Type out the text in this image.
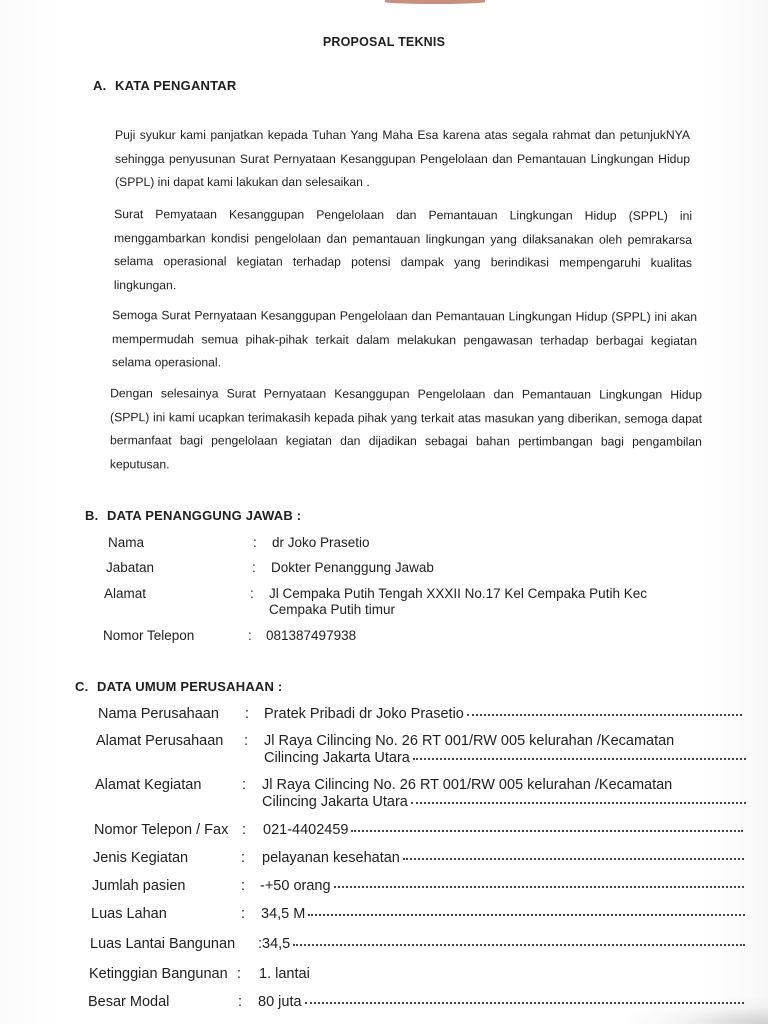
PROPOSAL TEKNIS
A. KATA PENGANTAR

Puji syukur kami panjatkan kepada Tuhan Yang Maha Esa karena atas segala rahmat dan petunjukNYA sehingga penyusunan Surat Pernyataan Kesanggupan Pengelolaan dan Pemantauan Lingkungan Hidup (SPPL) ini dapat kami lakukan dan selesaikan .

Surat Pemyataan Kesanggupan Pengelolaan dan Pemantauan Lingkungan Hidup (SPPL) ini menggambarkan kondisi pengelolaan dan pemantauan lingkungan yang dilaksanakan oleh pemrakarsa selama operasional kegiatan terhadap potensi dampak yang berindikasi mempengaruhi kualitas lingkungan.

Semoga Surat Pernyataan Kesanggupan Pengelolaan dan Pemantauan Lingkungan Hidup (SPPL) ini akan mempermudah semua pihak-pihak terkait dalam melakukan pengawasan terhadap berbagai kegiatan selama operasional.

Dengan selesainya Surat Pernyataan Kesanggupan Pengelolaan dan Pemantauan Lingkungan Hidup (SPPL) ini kami ucapkan terimakasih kepada pihak yang terkait atas masukan yang diberikan, semoga dapat bermanfaat bagi pengelolaan kegiatan dan dijadikan sebagai bahan pertimbangan bagi pengambilan keputusan.

B. DATA PENANGGUNG JAWAB :
Nama	: dr Joko Prasetio
Jabatan	: Dokter Penanggung Jawab
Alamat	: Jl Cempaka Putih Tengah XXXII No.17 Kel Cempaka Putih Kec
Cempaka Putih timur
Nomor Telepon	: 081387497938
C. DATA UMUM PERUSAHAAN :
Nama Perusahaan : Pratek Pribadi dr Joko Prasetio
Alamat Perusahaan : Jl Raya Cilincing No. 26 RT 001/RW 005 kelurahan /Kecamatan
Cilincing Jakarta Utara
Alamat Kegiatan	: Jl Raya Cilincing No. 26 RT 001/RW 005 kelurahan /Kecamatan
Cilincing Jakarta Utara
Nomor Telepon / Fax : 021-4402459
Jenis Kegiatan	: pelayanan kesehatan
Jumlah pasien	: -+50 orang
Luas Lahan	: 34,5 M
Luas Lantai Bangunan :34,5
Ketinggian Bangunan : 1. lantai
Besar Modal	: 80 juta
